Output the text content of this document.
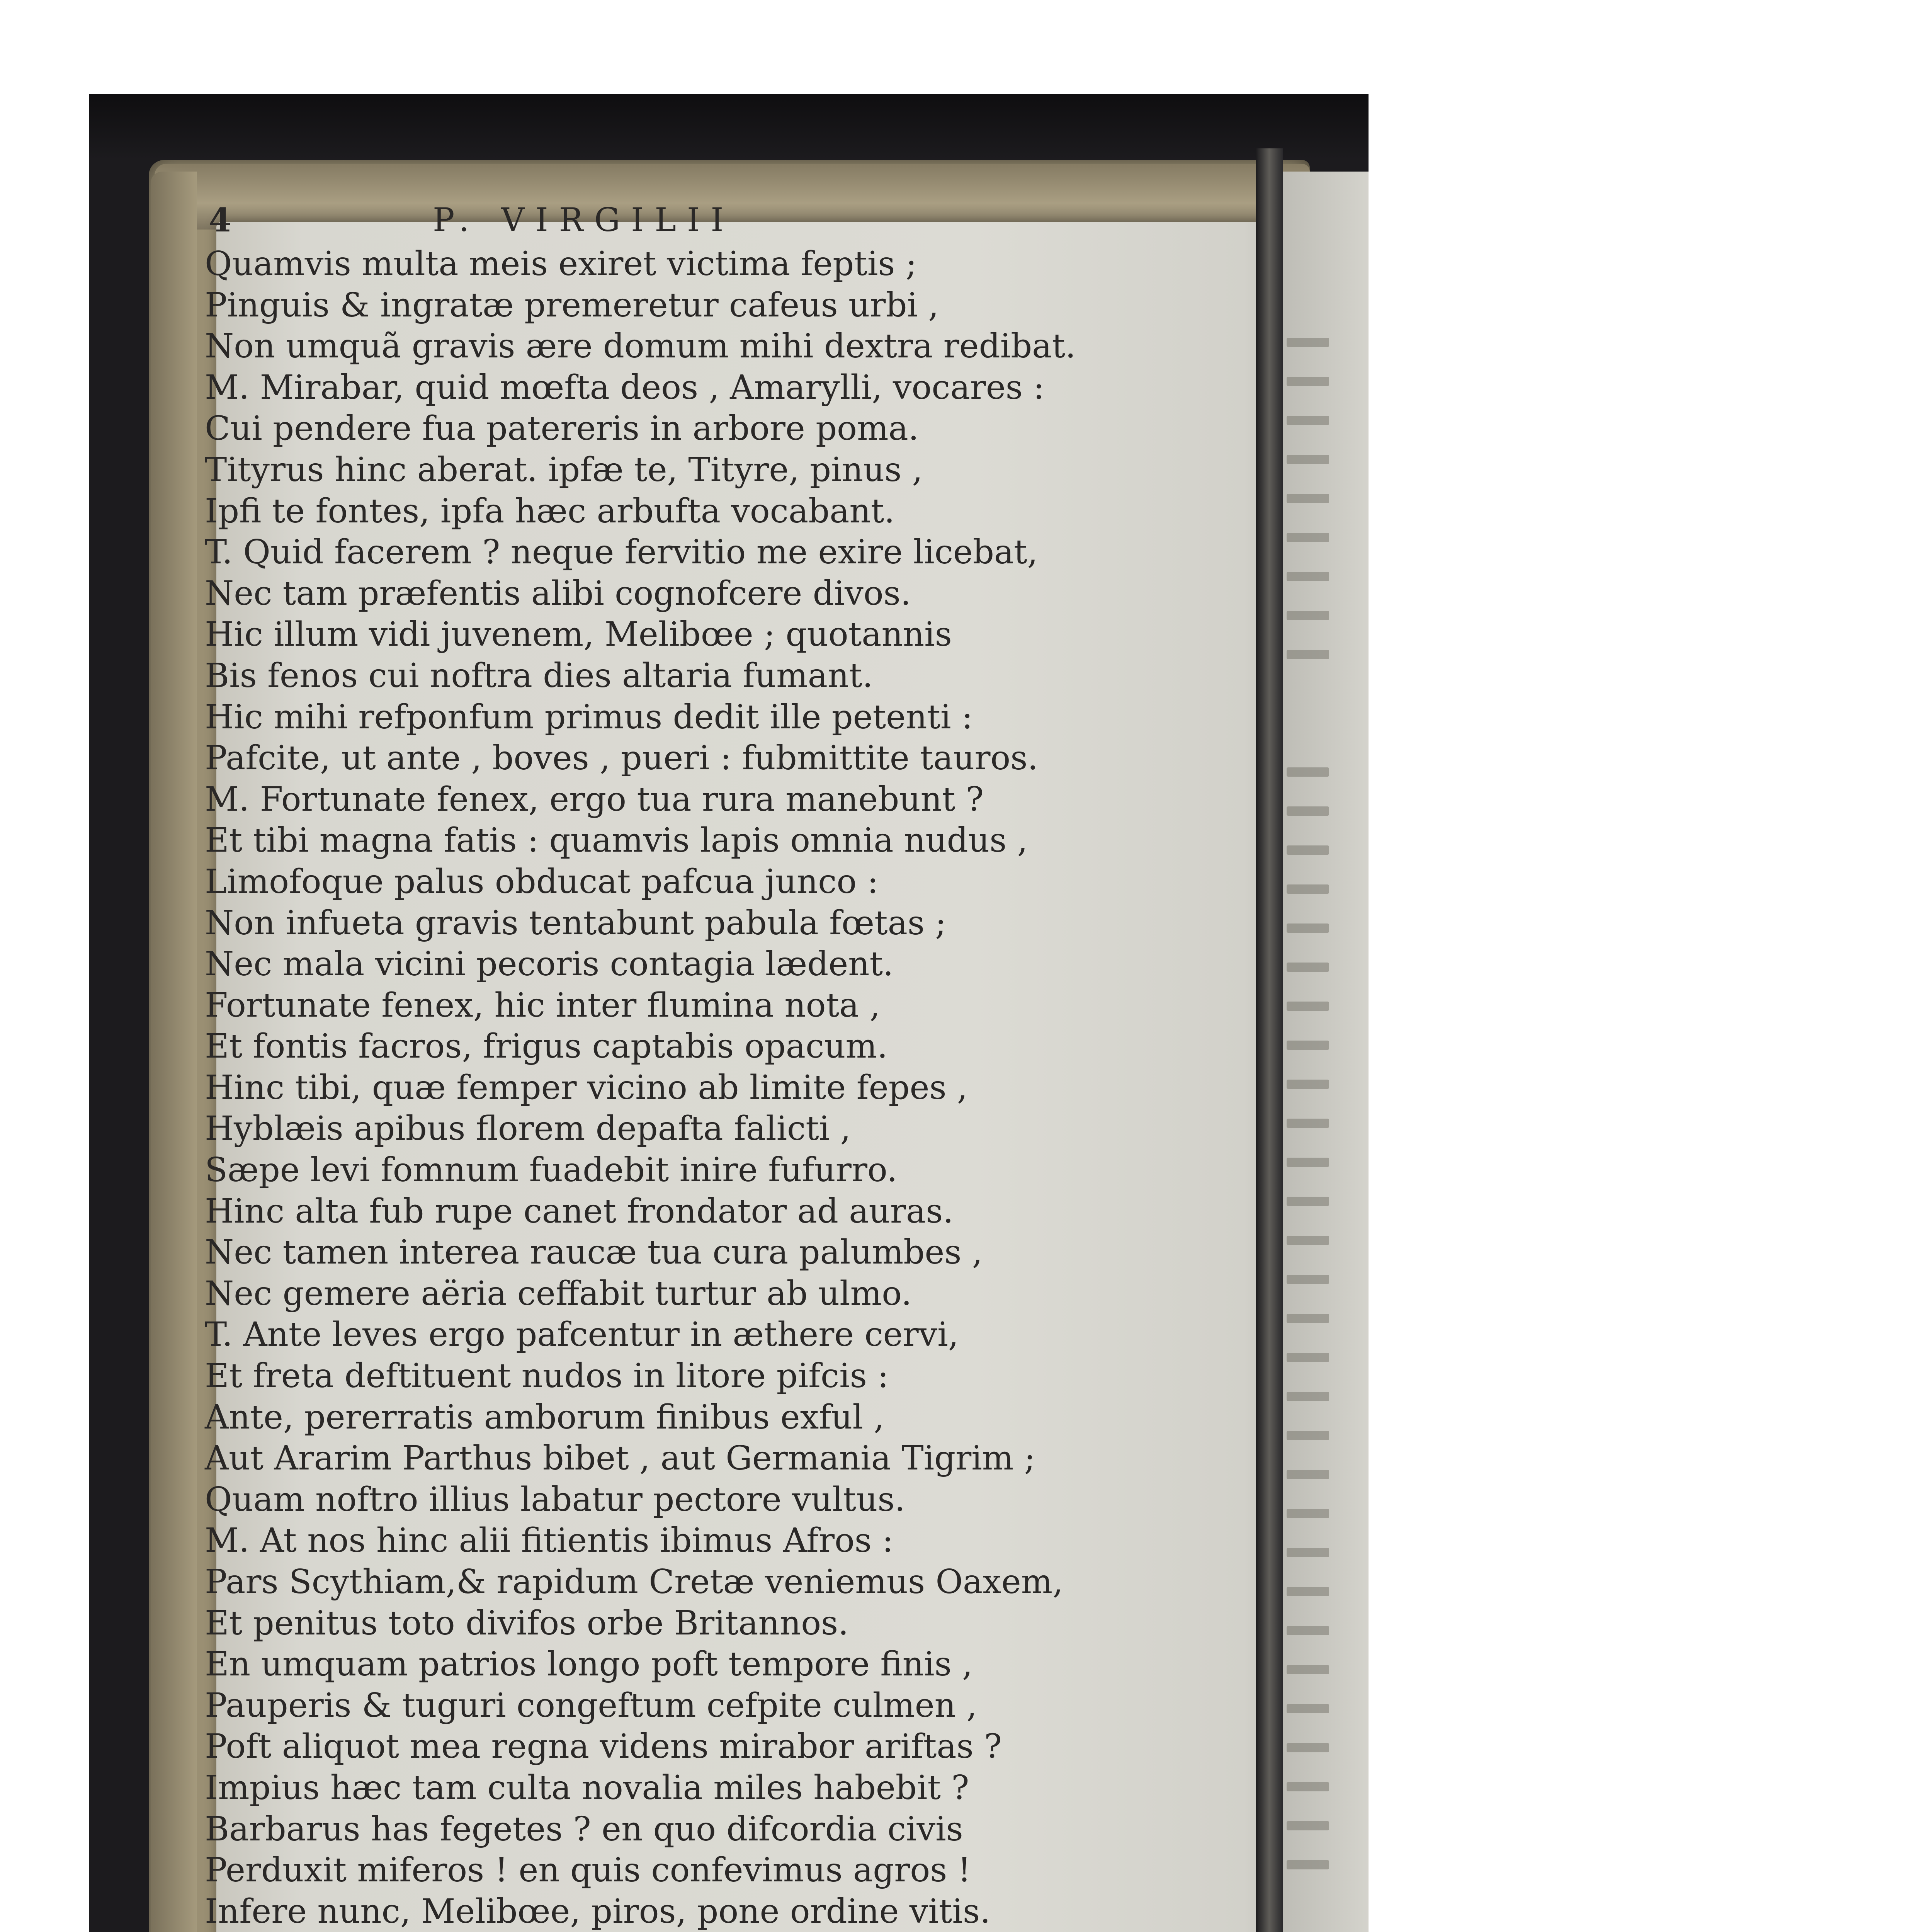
4	P. VIRGILII
Quamvis multa meis exiret victima feptis ;
Pinguis & ingratæ premeretur cafeus urbi ,
Non umquã gravis ære domum mihi dextra redibat.
M. Mirabar, quid mœfta deos , Amarylli, vocares :
Cui pendere fua patereris in arbore poma.
Tityrus hinc aberat. ipfæ te, Tityre, pinus ,
Ipfi te fontes, ipfa hæc arbufta vocabant.
T. Quid facerem ? neque fervitio me exire licebat,
Nec tam præfentis alibi cognofcere divos.
Hic illum vidi juvenem, Melibœe ; quotannis
Bis fenos cui noftra dies altaria fumant.
Hic mihi refponfum primus dedit ille petenti :
Pafcite, ut ante , boves , pueri : fubmittite tauros.
M. Fortunate fenex, ergo tua rura manebunt ?
Et tibi magna fatis : quamvis lapis omnia nudus ,
Limofoque palus obducat pafcua junco :
Non infueta gravis tentabunt pabula fœtas ;
Nec mala vicini pecoris contagia lædent.
Fortunate fenex, hic inter flumina nota ,
Et fontis facros, frigus captabis opacum.
Hinc tibi, quæ femper vicino ab limite fepes ,
Hyblæis apibus florem depafta falicti ,
Sæpe levi fomnum fuadebit inire fufurro.
Hinc alta fub rupe canet frondator ad auras.
Nec tamen interea raucæ tua cura palumbes ,
Nec gemere aëria ceffabit turtur ab ulmo.
T. Ante leves ergo pafcentur in æthere cervi,
Et freta deftituent nudos in litore pifcis :
Ante, pererratis amborum finibus exful ,
Aut Ararim Parthus bibet , aut Germania Tigrim ;
Quam noftro illius labatur pectore vultus.
M. At nos hinc alii fitientis ibimus Afros :
Pars Scythiam,& rapidum Cretæ veniemus Oaxem,
Et penitus toto divifos orbe Britannos.
En umquam patrios longo poft tempore finis ,
Pauperis & tuguri congeftum cefpite culmen ,
Poft aliquot mea regna videns mirabor ariftas ?
Impius hæc tam culta novalia miles habebit ?
Barbarus has fegetes ? en quo difcordia civis
Perduxit miferos ! en quis confevimus agros !
Infere nunc, Melibœe, piros, pone ordine vitis.
